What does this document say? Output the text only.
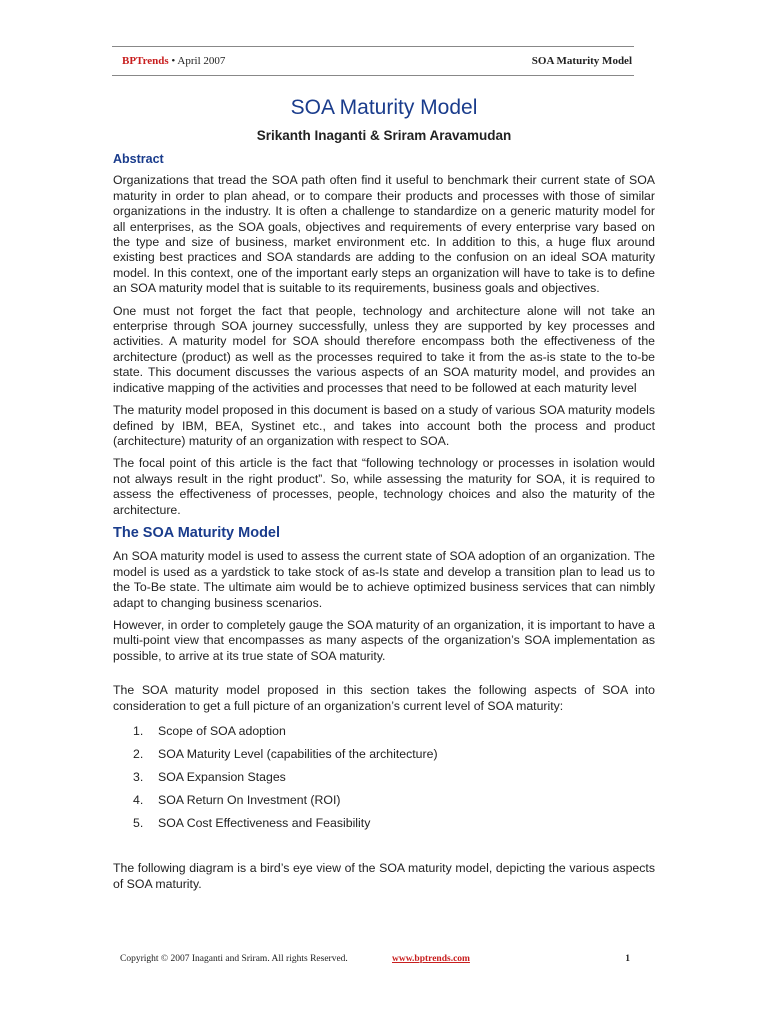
BPTrends • April 2007	SOA Maturity Model
SOA Maturity Model
Srikanth Inaganti & Sriram Aravamudan
Abstract

Organizations that tread the SOA path often find it useful to benchmark their current state of SOA maturity in order to plan ahead, or to compare their products and processes with those of similar organizations in the industry. It is often a challenge to standardize on a generic maturity model for all enterprises, as the SOA goals, objectives and requirements of every enterprise vary based on the type and size of business, market environment etc. In addition to this, a huge flux around existing best practices and SOA standards are adding to the confusion on an ideal SOA maturity model. In this context, one of the important early steps an organization will have to take is to define an SOA maturity model that is suitable to its requirements, business goals and objectives.

One must not forget the fact that people, technology and architecture alone will not take an enterprise through SOA journey successfully, unless they are supported by key processes and activities. A maturity model for SOA should therefore encompass both the effectiveness of the architecture (product) as well as the processes required to take it from the as-is state to the to-be state. This document discusses the various aspects of an SOA maturity model, and provides an indicative mapping of the activities and processes that need to be followed at each maturity level

The maturity model proposed in this document is based on a study of various SOA maturity models defined by IBM, BEA, Systinet etc., and takes into account both the process and product (architecture) maturity of an organization with respect to SOA.

The focal point of this article is the fact that “following technology or processes in isolation would not always result in the right product”. So, while assessing the maturity for SOA, it is required to assess the effectiveness of processes, people, technology choices and also the maturity of the architecture.

The SOA Maturity Model

An SOA maturity model is used to assess the current state of SOA adoption of an organization. The model is used as a yardstick to take stock of as-Is state and develop a transition plan to lead us to the To-Be state. The ultimate aim would be to achieve optimized business services that can nimbly adapt to changing business scenarios.

However, in order to completely gauge the SOA maturity of an organization, it is important to have a multi-point view that encompasses as many aspects of the organization’s SOA implementation as possible, to arrive at its true state of SOA maturity.

The SOA maturity model proposed in this section takes the following aspects of SOA into consideration to get a full picture of an organization’s current level of SOA maturity:

1. Scope of SOA adoption
2. SOA Maturity Level (capabilities of the architecture)
3. SOA Expansion Stages
4. SOA Return On Investment (ROI)
5. SOA Cost Effectiveness and Feasibility

The following diagram is a bird’s eye view of the SOA maturity model, depicting the various aspects of SOA maturity.

Copyright © 2007 Inaganti and Sriram. All rights Reserved.	www.bptrends.com	1
